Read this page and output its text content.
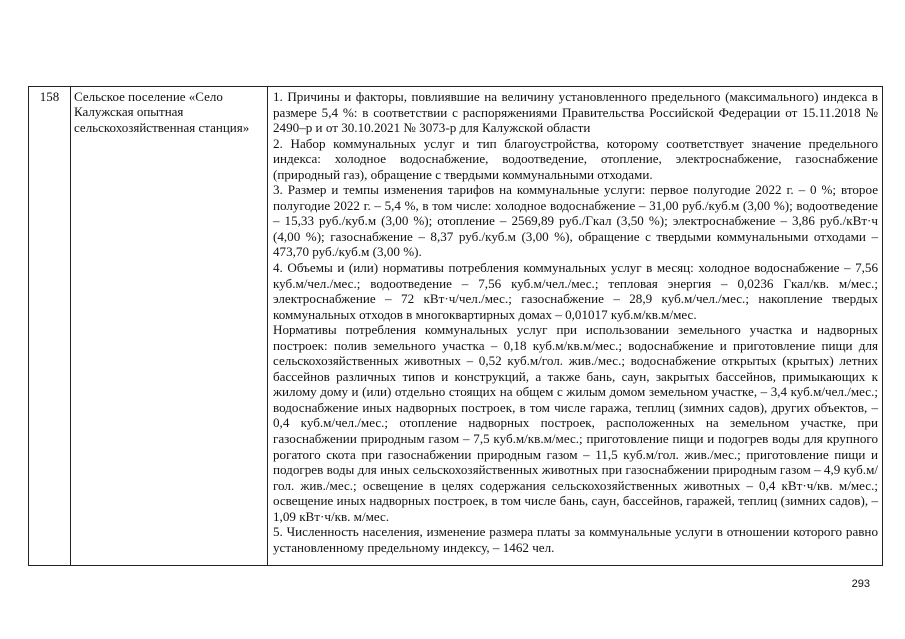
158	Сельское поселение «Село Калужская опытная сельскохозяйственная станция»

1. Причины и факторы, повлиявшие на величину установленного предельного (максимального) индекса в размере 5,4 %: в соответствии с распоряжениями Правительства Российской Федерации от 15.11.2018 № 2490–р и от 30.10.2021 № 3073-р для Калужской области

2. Набор коммунальных услуг и тип благоустройства, которому соответствует значение предельного индекса: холодное водоснабжение, водоотведение, отопление, электроснабжение, газоснабжение (природный газ), обращение с твердыми коммунальными отходами.

3. Размер и темпы изменения тарифов на коммунальные услуги: первое полугодие 2022 г. – 0 %; второе полугодие 2022 г. – 5,4 %, в том числе: холодное водоснабжение – 31,00 руб./куб.м (3,00 %); водоотведение – 15,33 руб./куб.м (3,00 %); отопление – 2569,89 руб./Гкал (3,50 %); электроснабжение – 3,86 руб./кВт·ч (4,00 %); газоснабжение – 8,37 руб./куб.м (3,00 %), обращение с твердыми коммунальными отходами – 473,70 руб./куб.м (3,00 %).

4. Объемы и (или) нормативы потребления коммунальных услуг в месяц: холодное водоснабжение – 7,56 куб.м/чел./мес.; водоотведение – 7,56 куб.м/чел./мес.; тепловая энергия – 0,0236 Гкал/кв. м/мес.; электроснабжение – 72 кВт·ч/чел./мес.; газоснабжение – 28,9 куб.м/чел./мес.; накопление твердых коммунальных отходов в многоквартирных домах – 0,01017 куб.м/кв.м/мес.

Нормативы потребления коммунальных услуг при использовании земельного участка и надворных построек: полив земельного участка – 0,18 куб.м/кв.м/мес.; водоснабжение и приготовление пищи для сельскохозяйственных животных – 0,52 куб.м/гол. жив./мес.; водоснабжение открытых (крытых) летних бассейнов различных типов и конструкций, а также бань, саун, закрытых бассейнов, примыкающих к жилому дому и (или) отдельно стоящих на общем с жилым домом земельном участке, – 3,4 куб.м/чел./мес.; водоснабжение иных надворных построек, в том числе гаража, теплиц (зимних садов), других объектов, – 0,4 куб.м/чел./мес.; отопление надворных построек, расположенных на земельном участке, при газоснабжении природным газом – 7,5 куб.м/кв.м/мес.; приготовление пищи и подогрев воды для крупного рогатого скота при газоснабжении природным газом – 11,5 куб.м/гол. жив./мес.; приготовление пищи и подогрев воды для иных сельскохозяйственных животных при газоснабжении природным газом – 4,9 куб.м/гол. жив./мес.; освещение в целях содержания сельскохозяйственных животных – 0,4 кВт·ч/кв. м/мес.; освещение иных надворных построек, в том числе бань, саун, бассейнов, гаражей, теплиц (зимних садов), – 1,09 кВт·ч/кв. м/мес.

5. Численность населения, изменение размера платы за коммунальные услуги в отношении которого равно установленному предельному индексу, – 1462 чел.

293
